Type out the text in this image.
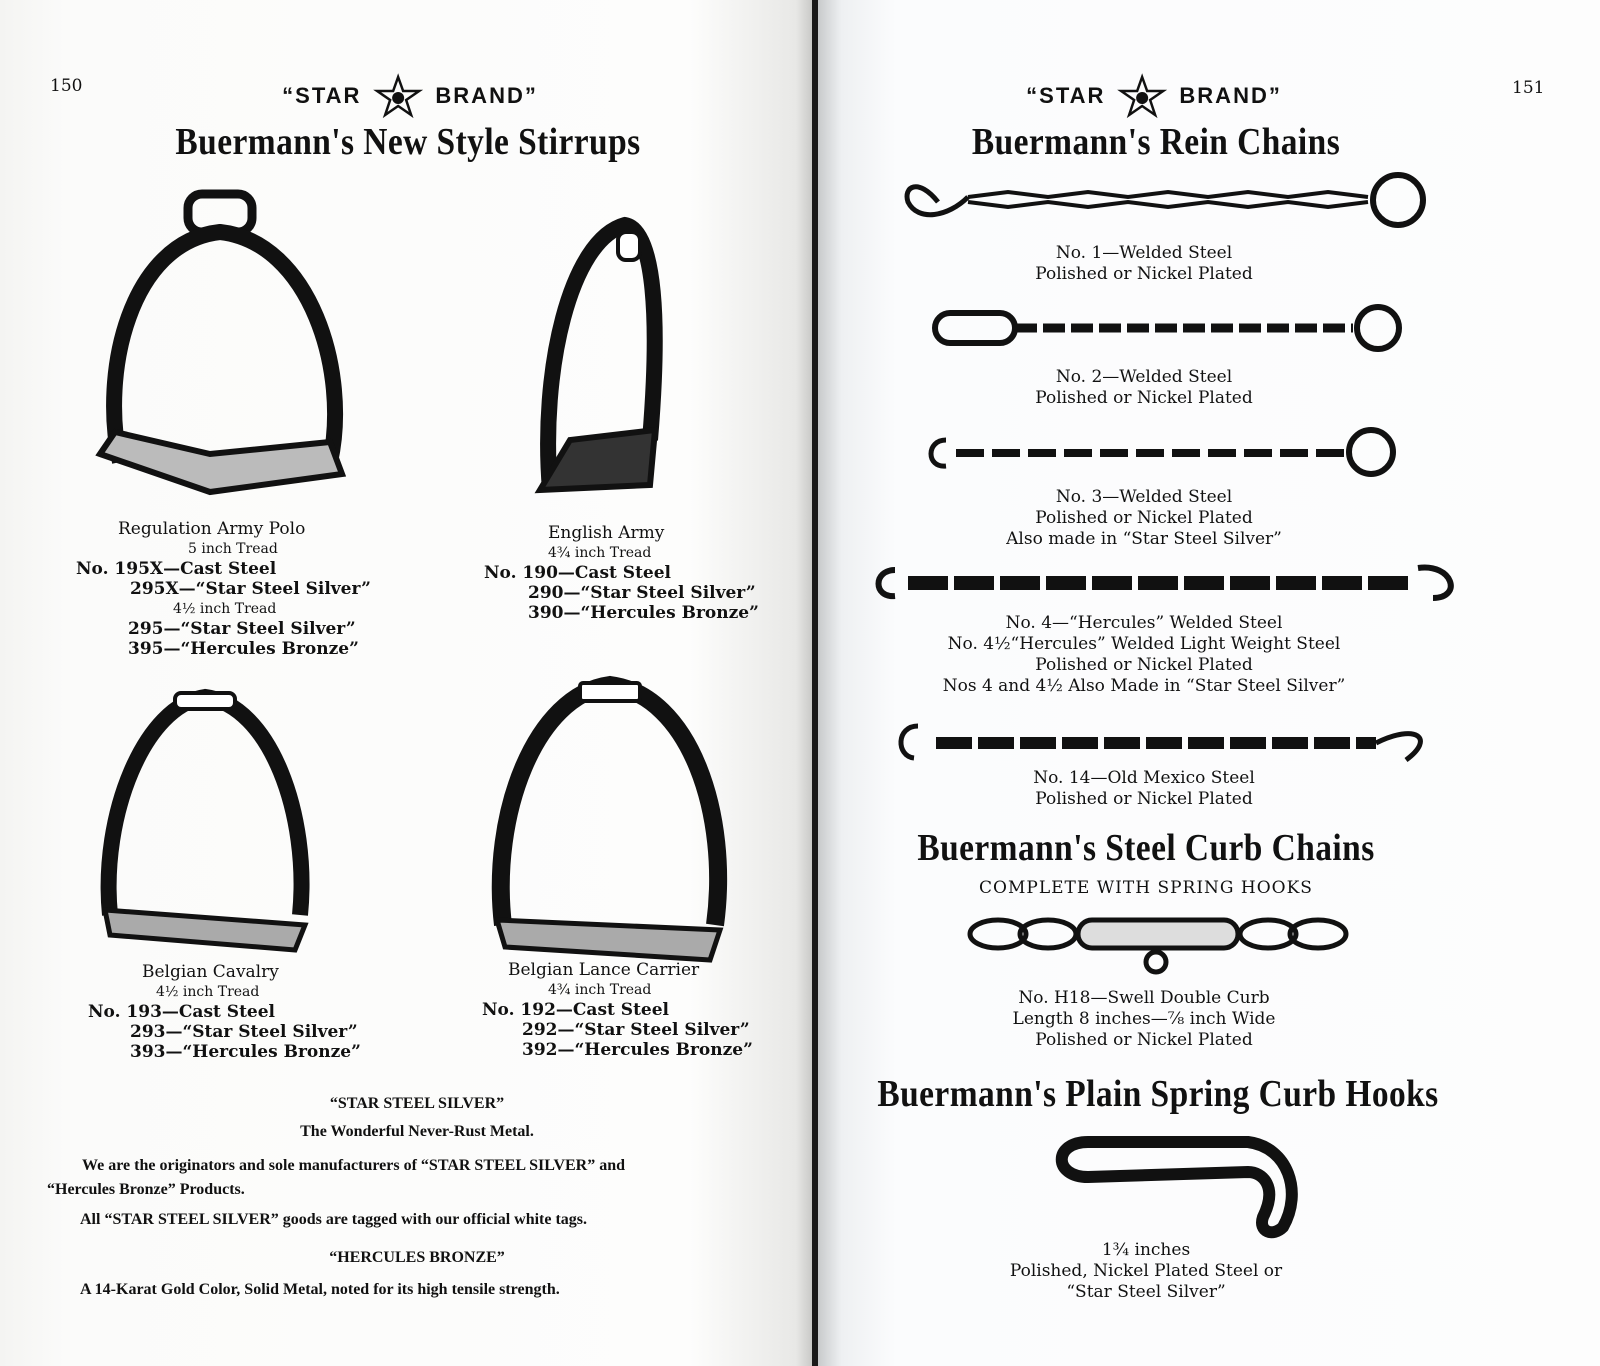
150	“STAR	BRAND”
Buermann's New Style Stirrups
Regulation Army Polo
5 inch Tread
No. 195X—Cast Steel
295X—“Star Steel Silver”
4½ inch Tread
295—“Star Steel Silver”
395—“Hercules Bronze”
English Army
4¾ inch Tread
No. 190—Cast Steel
290—“Star Steel Silver”
390—“Hercules Bronze”
Belgian Cavalry
4½ inch Tread
No. 193—Cast Steel
293—“Star Steel Silver”
393—“Hercules Bronze”
Belgian Lance Carrier
4¾ inch Tread
No. 192—Cast Steel
292—“Star Steel Silver”
392—“Hercules Bronze”
“STAR STEEL SILVER”
The Wonderful Never-Rust Metal.
We are the originators and sole manufacturers of “STAR STEEL SILVER” and
“Hercules Bronze” Products.
All “STAR STEEL SILVER” goods are tagged with our official white tags.
“HERCULES BRONZE”
A 14-Karat Gold Color, Solid Metal, noted for its high tensile strength.
151
“STAR	BRAND”
Buermann's Rein Chains
No. 1—Welded Steel
Polished or Nickel Plated
No. 2—Welded Steel
Polished or Nickel Plated
No. 3—Welded Steel
Polished or Nickel Plated
Also made in “Star Steel Silver”
No. 4—“Hercules” Welded Steel
No. 4½“Hercules” Welded Light Weight Steel
Polished or Nickel Plated
Nos 4 and 4½ Also Made in “Star Steel Silver”
No. 14—Old Mexico Steel
Polished or Nickel Plated
Buermann's Steel Curb Chains
COMPLETE WITH SPRING HOOKS
No. H18—Swell Double Curb
Length 8 inches—⅞ inch Wide
Polished or Nickel Plated
Buermann's Plain Spring Curb Hooks
1¾ inches
Polished, Nickel Plated Steel or
“Star Steel Silver”
